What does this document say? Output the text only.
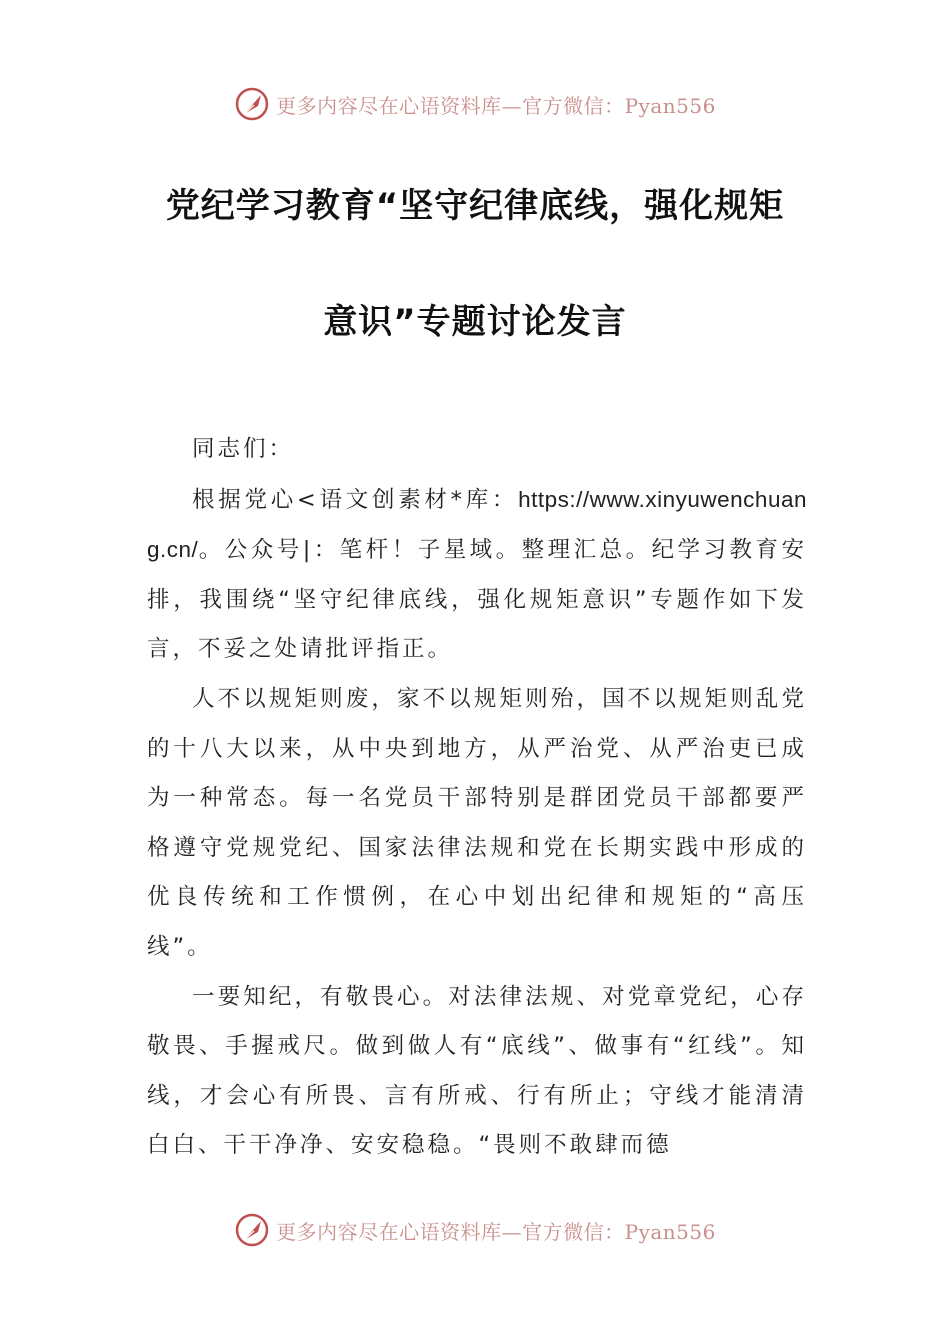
更多内容尽在心语资料库— 官方微信：Pyan556
党纪学习教育“坚守纪律底线，强化规矩
意识”专题讨论发言

同志们：

根据党心<语文创素材*库：https://www.xinyuwenchuang.cn/。公众号|：笔杆！子星域。整理汇总。纪学习教育安排，我围绕“坚守纪律底线，强化规矩意识”专题作如下发言，不妥之处请批评指正。

人不以规矩则废，家不以规矩则殆，国不以规矩则乱党的十八大以来，从中央到地方，从严治党、从严治吏已成为一种常态。每一名党员干部特别是群团党员干部都要严格遵守党规党纪、国家法律法规和党在长期实践中形成的优良传统和工作惯例，在心中划出纪律和规矩的“高压线”。

一要知纪，有敬畏心。对法律法规、对党章党纪，心存敬畏、手握戒尺。做到做人有“底线”、做事有“红线”。知线，才会心有所畏、言有所戒、行有所止；守线才能清清白白、干干净净、安安稳稳。“畏则不敢肆而德

更多内容尽在心语资料库— 官方微信：Pyan556
